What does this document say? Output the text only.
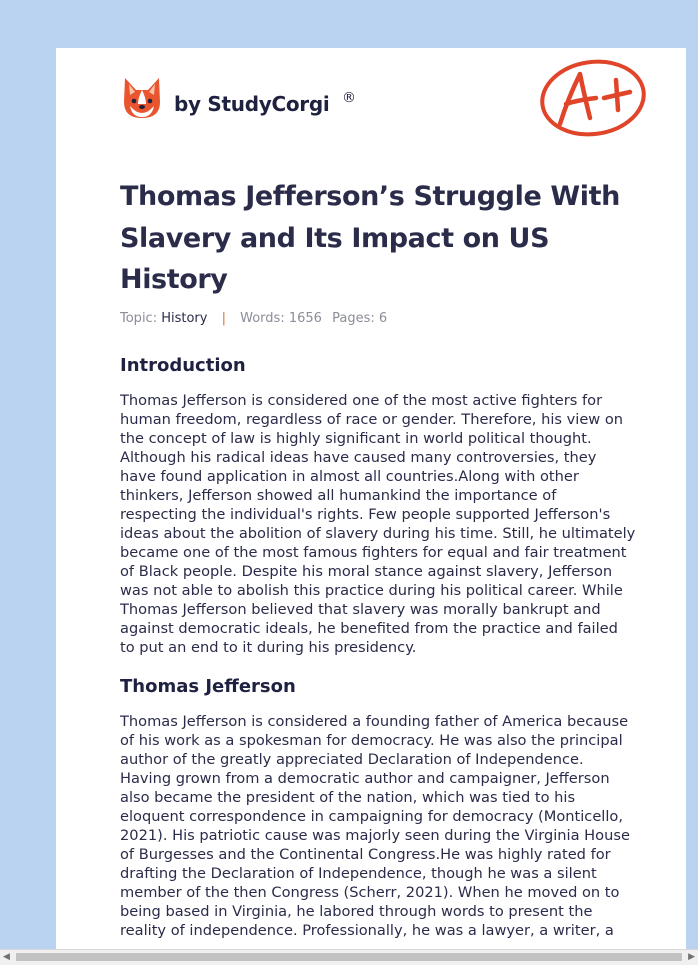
by StudyCorgi ®
Thomas Jefferson’s Struggle With Slavery and Its Impact on US History
Topic: History | Words: 1656 Pages: 6
Introduction

Thomas Jefferson is considered one of the most active fighters for human freedom, regardless of race or gender. Therefore, his view on the concept of law is highly significant in world political thought. Although his radical ideas have caused many controversies, they have found application in almost all countries.Along with other thinkers, Jefferson showed all humankind the importance of respecting the individual's rights. Few people supported Jefferson's ideas about the abolition of slavery during his time. Still, he ultimately became one of the most famous fighters for equal and fair treatment of Black people. Despite his moral stance against slavery, Jefferson was not able to abolish this practice during his political career. While Thomas Jefferson believed that slavery was morally bankrupt and against democratic ideals, he benefited from the practice and failed to put an end to it during his presidency.

Thomas Jefferson

Thomas Jefferson is considered a founding father of America because of his work as a spokesman for democracy. He was also the principal author of the greatly appreciated Declaration of Independence. Having grown from a democratic author and campaigner, Jefferson also became the president of the nation, which was tied to his eloquent correspondence in campaigning for democracy (Monticello, 2021). His patriotic cause was majorly seen during the Virginia House of Burgesses and the Continental Congress.He was highly rated for drafting the Declaration of Independence, though he was a silent member of the then Congress (Scherr, 2021). When he moved on to being based in Virginia, he labored through words to present the reality of independence. Professionally, he was a lawyer, a writer, a

◀	▶
